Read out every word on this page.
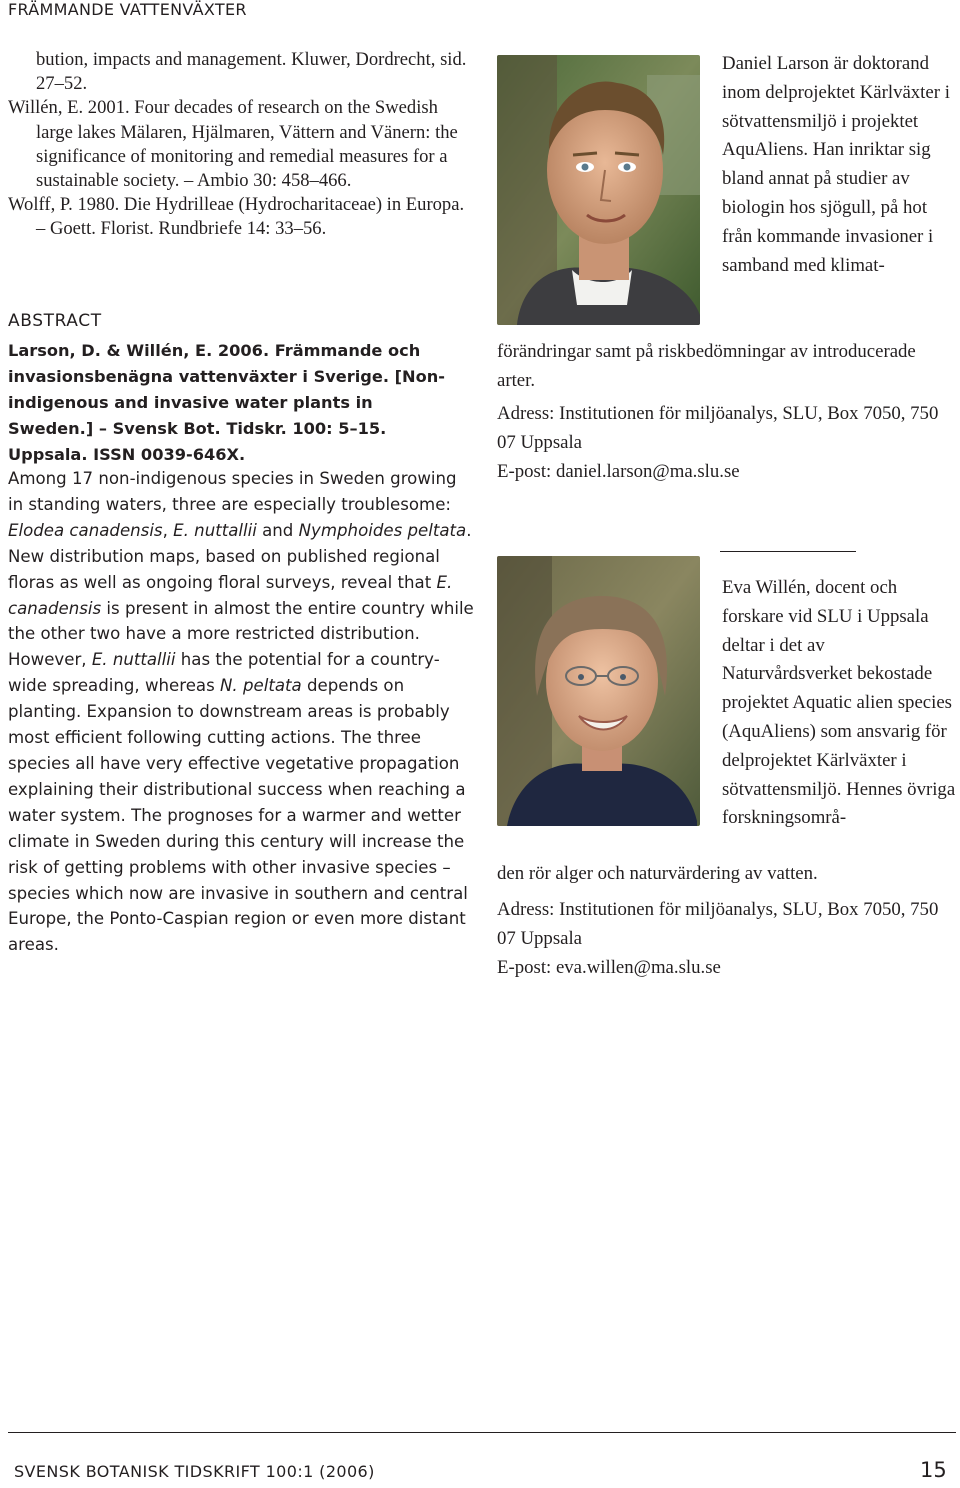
FRÄMMANDE VATTENVÄXTER

bution, impacts and management. Kluwer, Dordrecht, sid. 27–52.

Willén, E. 2001. Four decades of research on the Swedish large lakes Mälaren, Hjälmaren, Vättern and Vänern: the significance of monitoring and remedial measures for a sustainable society. – Ambio 30: 458–466.

Wolff, P. 1980. Die Hydrilleae (Hydrocharitaceae) in Europa. – Goett. Florist. Rundbriefe 14: 33–56.

ABSTRACT
Larson, D. & Willén, E. 2006. Främmande och invasionsbenägna vattenväxter i Sverige. [Non-indigenous and invasive water plants in Sweden.] – Svensk Bot. Tidskr. 100: 5–15. Uppsala. ISSN 0039-646X.
Among 17 non-indigenous species in Sweden growing in standing waters, three are especially troublesome: Elodea canadensis, E. nuttallii and Nymphoides peltata. New distribution maps, based on published regional floras as well as ongoing floral surveys, reveal that E. canadensis is present in almost the entire country while the other two have a more restricted distribution. However, E. nuttallii has the potential for a country-wide spreading, whereas N. peltata depends on planting. Expansion to downstream areas is probably most efficient following cutting actions. The three species all have very effective vegetative propagation explaining their distributional success when reaching a water system. The prognoses for a warmer and wetter climate in Sweden during this century will increase the risk of getting problems with other invasive species – species which now are invasive in southern and central Europe, the Ponto-Caspian region or even more distant areas.
Daniel Larson är doktorand inom delprojektet Kärlväxter i sötvattensmiljö i projektet AquAliens. Han inriktar sig bland annat på studier av biologin hos sjögull, på hot från kommande invasioner i samband med klimat-
förändringar samt på riskbedömningar av introducerade arter.
Adress: Institutionen för miljöanalys, SLU, Box 7050, 750 07 Uppsala
E-post: daniel.larson@ma.slu.se
Eva Willén, docent och forskare vid SLU i Uppsala deltar i det av Naturvårdsverket bekostade projektet Aquatic alien species (AquAliens) som ansvarig för delprojektet Kärlväxter i sötvattensmiljö. Hennes övriga forskningsområ-
den rör alger och naturvärdering av vatten.
Adress: Institutionen för miljöanalys, SLU, Box 7050, 750 07 Uppsala
E-post: eva.willen@ma.slu.se
SVENSK BOTANISK TIDSKRIFT 100:1 (2006)	15
